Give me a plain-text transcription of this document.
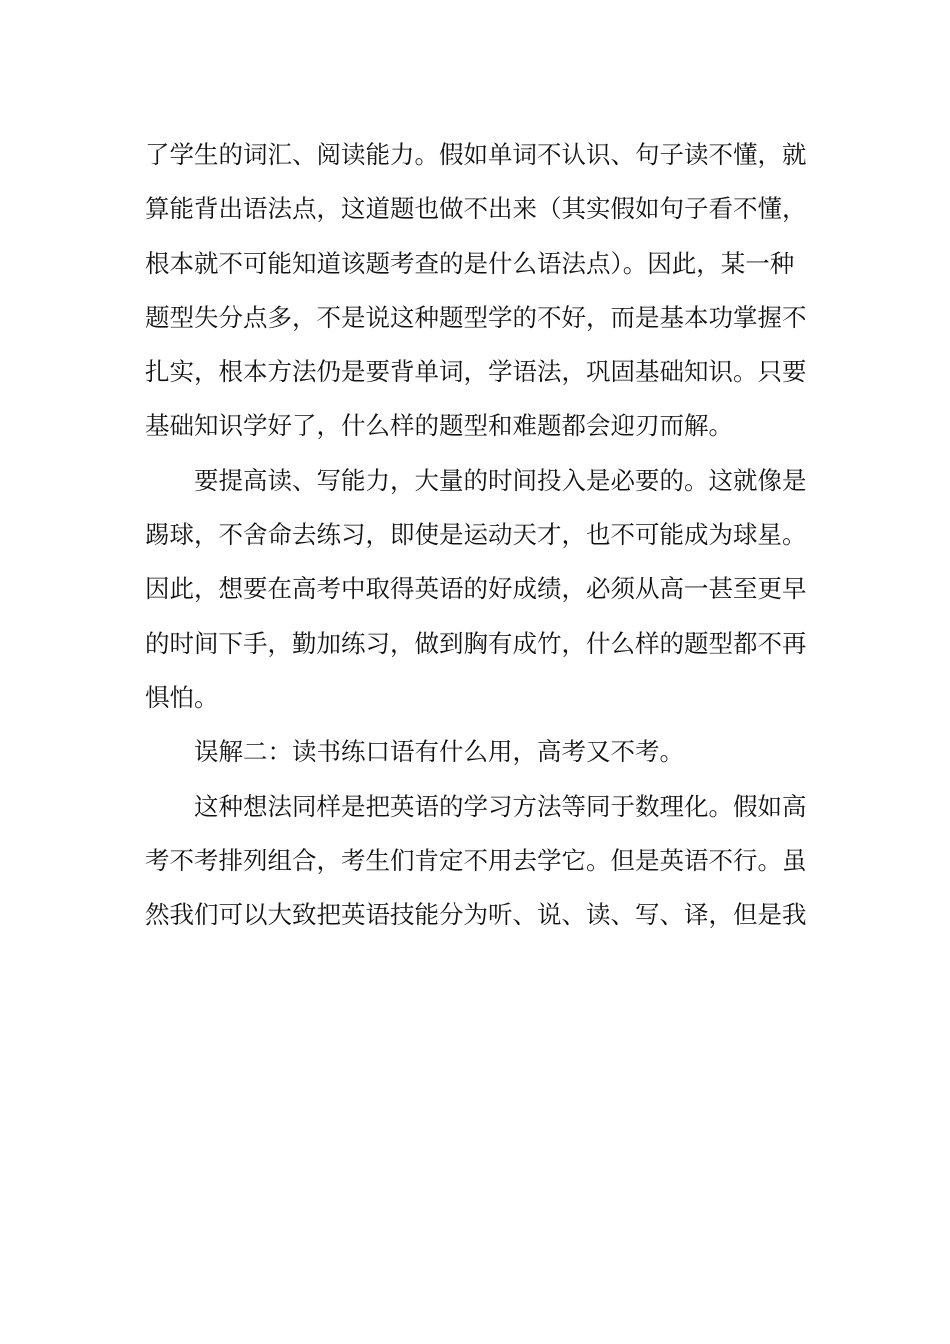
了学生的词汇、阅读能力。假如单词不认识、句子读不懂，就
算能背出语法点，这道题也做不出来（其实假如句子看不懂，
根本就不可能知道该题考查的是什么语法点）。因此，某一种
题型失分点多，不是说这种题型学的不好，而是基本功掌握不
扎实，根本方法仍是要背单词，学语法，巩固基础知识。只要
基础知识学好了，什么样的题型和难题都会迎刃而解。
要提高读、写能力，大量的时间投入是必要的。这就像是
踢球，不舍命去练习，即使是运动天才，也不可能成为球星。
因此，想要在高考中取得英语的好成绩，必须从高一甚至更早
的时间下手，勤加练习，做到胸有成竹，什么样的题型都不再
惧怕。
误解二：读书练口语有什么用，高考又不考。
这种想法同样是把英语的学习方法等同于数理化。假如高
考不考排列组合，考生们肯定不用去学它。但是英语不行。虽
然我们可以大致把英语技能分为听、说、读、写、译，但是我
